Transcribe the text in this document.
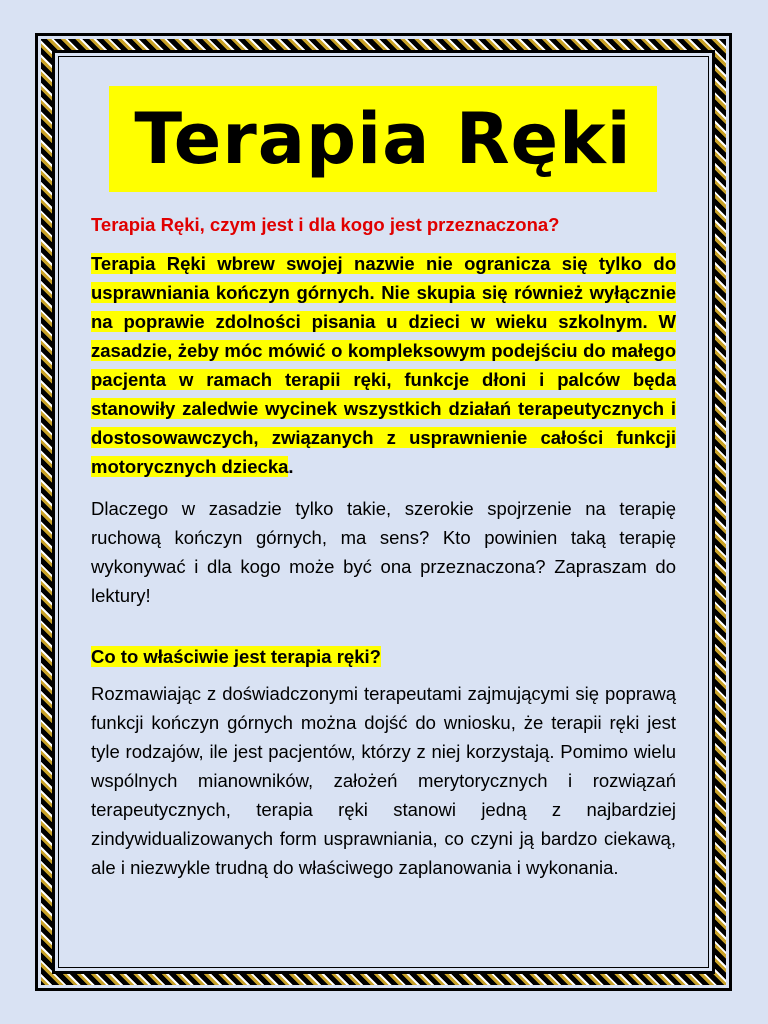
Terapia Ręki
Terapia Ręki, czym jest i dla kogo jest przeznaczona?

Terapia Ręki wbrew swojej nazwie nie ogranicza się tylko do usprawniania kończyn górnych. Nie skupia się również wyłącznie na poprawie zdolności pisania u dzieci w wieku szkolnym. W zasadzie, żeby móc mówić o kompleksowym podejściu do małego pacjenta w ramach terapii ręki, funkcje dłoni i palców będa stanowiły zaledwie wycinek wszystkich działań terapeutycznych i dostosowawczych, związanych z usprawnienie całości funkcji motorycznych dziecka.

Dlaczego w zasadzie tylko takie, szerokie spojrzenie na terapię ruchową kończyn górnych, ma sens? Kto powinien taką terapię wykonywać i dla kogo może być ona przeznaczona? Zapraszam do lektury!

Co to właściwie jest terapia ręki?

Rozmawiając z doświadczonymi terapeutami zajmującymi się poprawą funkcji kończyn górnych można dojść do wniosku, że terapii ręki jest tyle rodzajów, ile jest pacjentów, którzy z niej korzystają. Pomimo wielu wspólnych mianowników, założeń merytorycznych i rozwiązań terapeutycznych, terapia ręki stanowi jedną z najbardziej zindywidualizowanych form usprawniania, co czyni ją bardzo ciekawą, ale i niezwykle trudną do właściwego zaplanowania i wykonania.
